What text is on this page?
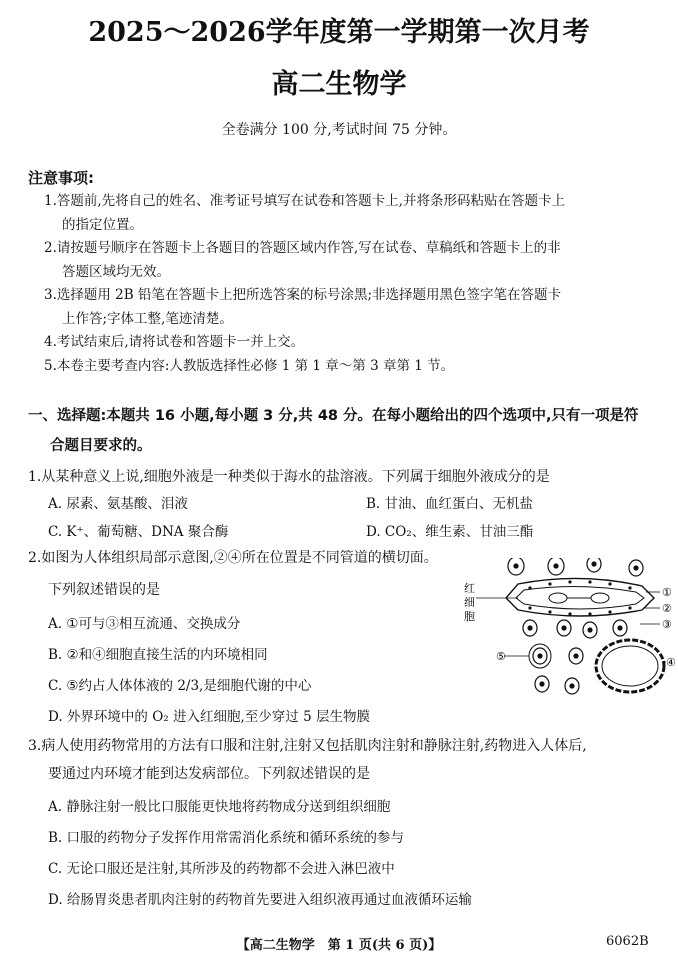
2025～2026学年度第一学期第一次月考
高二生物学
全卷满分 100 分,考试时间 75 分钟。
注意事项:
1.答题前,先将自己的姓名、准考证号填写在试卷和答题卡上,并将条形码粘贴在答题卡上
的指定位置。
2.请按题号顺序在答题卡上各题目的答题区域内作答,写在试卷、草稿纸和答题卡上的非
答题区域均无效。
3.选择题用 2B 铅笔在答题卡上把所选答案的标号涂黑;非选择题用黑色签字笔在答题卡
上作答;字体工整,笔迹清楚。
4.考试结束后,请将试卷和答题卡一并上交。
5.本卷主要考查内容:人教版选择性必修 1 第 1 章～第 3 章第 1 节。
一、选择题:本题共 16 小题,每小题 3 分,共 48 分。在每小题给出的四个选项中,只有一项是符
合题目要求的。
1.从某种意义上说,细胞外液是一种类似于海水的盐溶液。下列属于细胞外液成分的是
A. 尿素、氨基酸、泪液	B. 甘油、血红蛋白、无机盐
C. K⁺、葡萄糖、DNA 聚合酶	D. CO₂、维生素、甘油三酯
2.如图为人体组织局部示意图,②④所在位置是不同管道的横切面。
下列叙述错误的是
A. ①可与③相互流通、交换成分
B. ②和④细胞直接生活的内环境相同
C. ⑤约占人体体液的 2/3,是细胞代谢的中心
D. 外界环境中的 O₂ 进入红细胞,至少穿过 5 层生物膜
红
细
胞
①
②
③
④
⑤
3.病人使用药物常用的方法有口服和注射,注射又包括肌肉注射和静脉注射,药物进入人体后,
要通过内环境才能到达发病部位。下列叙述错误的是
A. 静脉注射一般比口服能更快地将药物成分送到组织细胞
B. 口服的药物分子发挥作用常需消化系统和循环系统的参与
C. 无论口服还是注射,其所涉及的药物都不会进入淋巴液中
D. 给肠胃炎患者肌肉注射的药物首先要进入组织液再通过血液循环运输
【高二生物学　第 1 页(共 6 页)】	6062B
